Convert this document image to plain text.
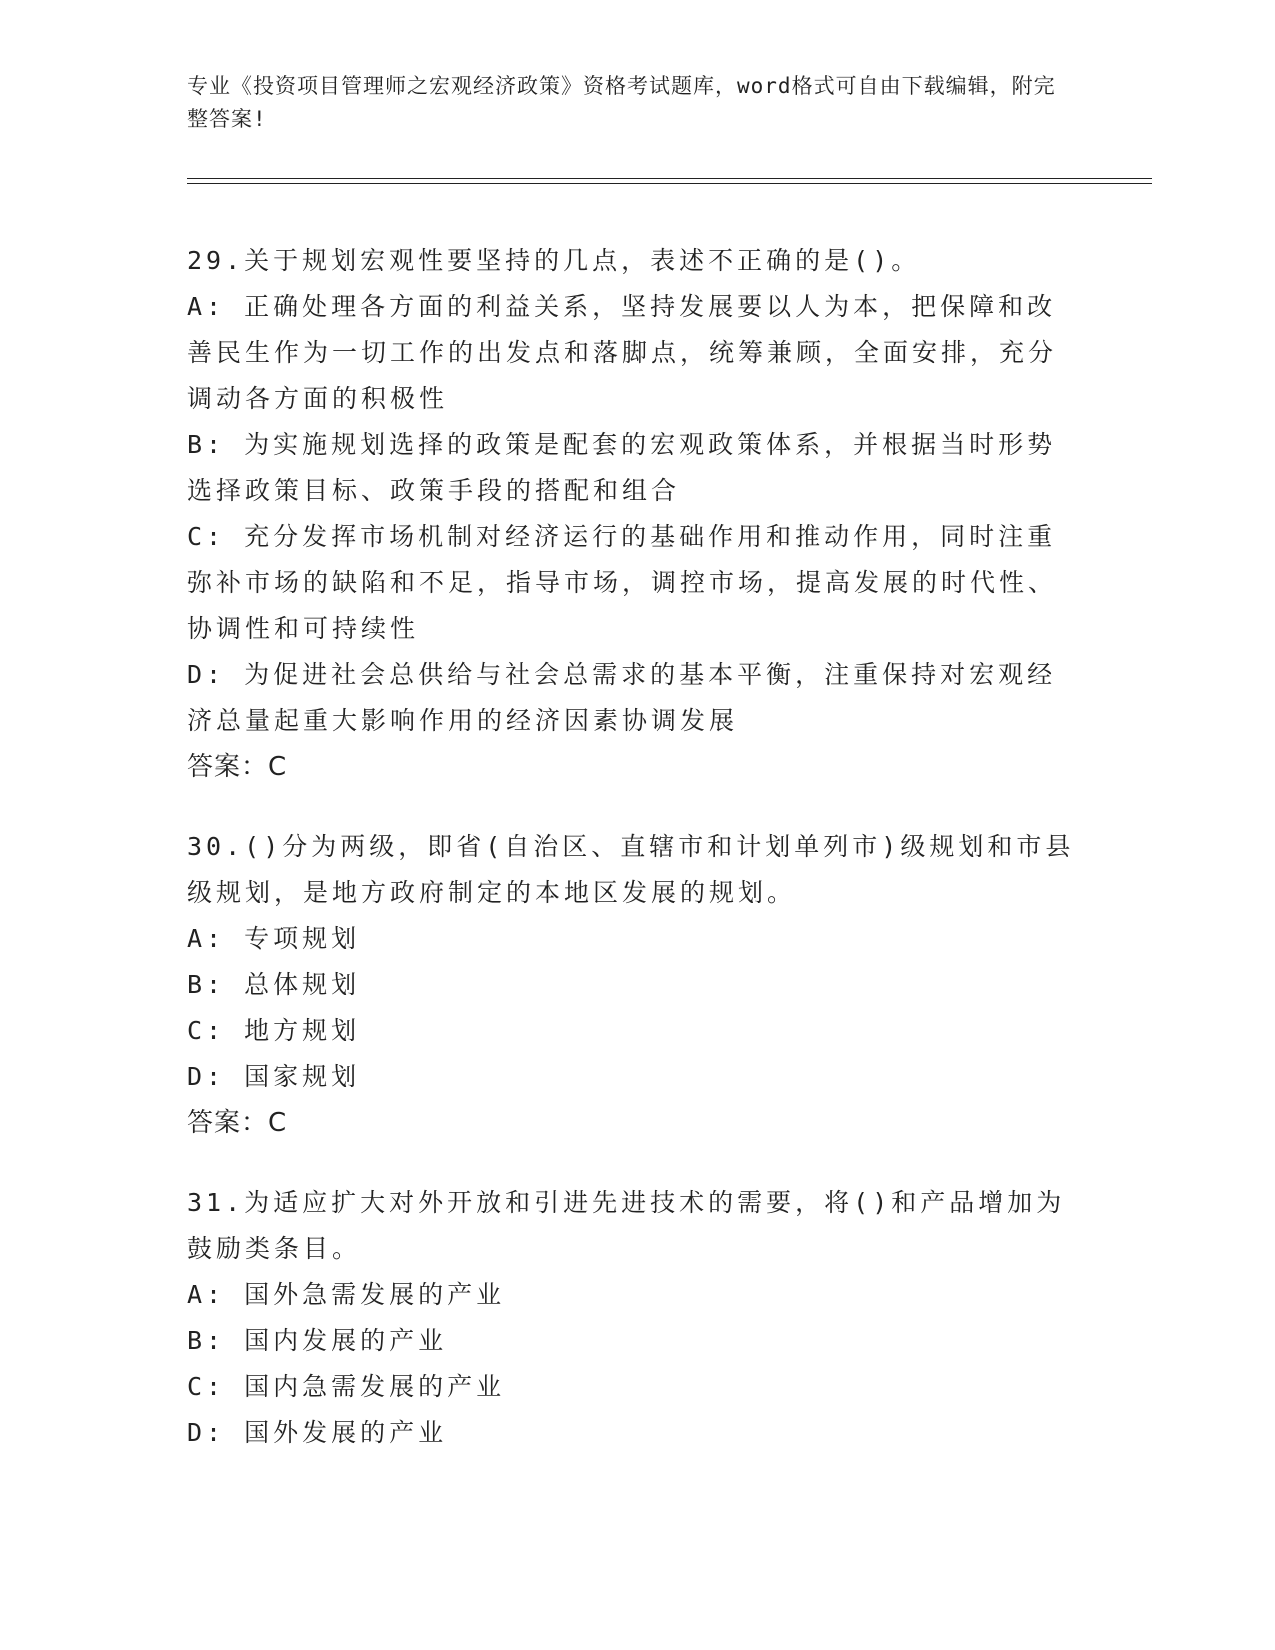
专业《投资项目管理师之宏观经济政策》资格考试题库，word格式可自由下载编辑，附完整答案!

29.关于规划宏观性要坚持的几点，表述不正确的是()。

A: 正确处理各方面的利益关系，坚持发展要以人为本，把保障和改善民生作为一切工作的出发点和落脚点，统筹兼顾，全面安排，充分调动各方面的积极性

B: 为实施规划选择的政策是配套的宏观政策体系，并根据当时形势选择政策目标、政策手段的搭配和组合

C: 充分发挥市场机制对经济运行的基础作用和推动作用，同时注重弥补市场的缺陷和不足，指导市场，调控市场，提高发展的时代性、协调性和可持续性

D: 为促进社会总供给与社会总需求的基本平衡，注重保持对宏观经济总量起重大影响作用的经济因素协调发展

答案：C

30.()分为两级，即省(自治区、直辖市和计划单列市)级规划和市县级规划，是地方政府制定的本地区发展的规划。

A: 专项规划

B: 总体规划

C: 地方规划

D: 国家规划

答案：C

31.为适应扩大对外开放和引进先进技术的需要，将()和产品增加为鼓励类条目。

A: 国外急需发展的产业

B: 国内发展的产业

C: 国内急需发展的产业

D: 国外发展的产业
